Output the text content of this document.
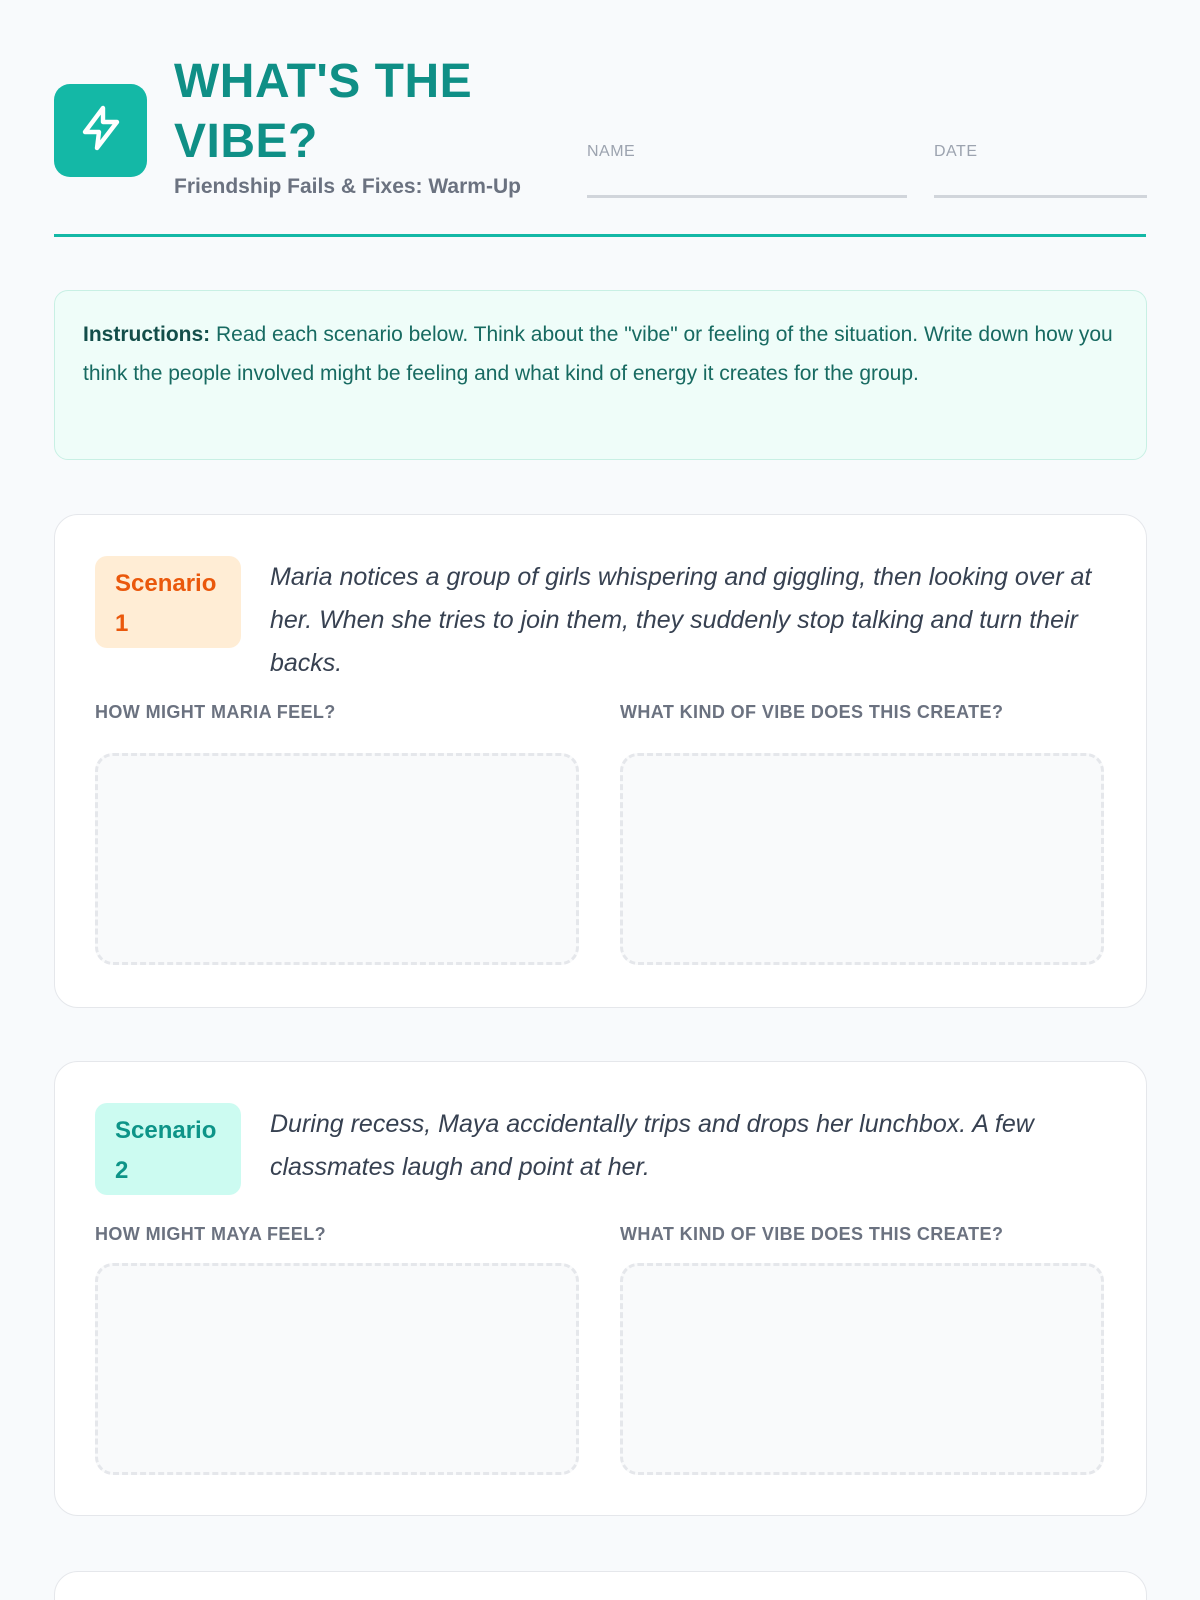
WHAT'S THE VIBE?
Friendship Fails & Fixes: Warm-Up
NAME	DATE
Instructions: Read each scenario below. Think about the "vibe" or feeling of the situation. Write down how you think the people involved might be feeling and what kind of energy it creates for the group.
Scenario 1
Maria notices a group of girls whispering and giggling, then looking over at her. When she tries to join them, they suddenly stop talking and turn their backs.
HOW MIGHT MARIA FEEL?	WHAT KIND OF VIBE DOES THIS CREATE?
Scenario 2
During recess, Maya accidentally trips and drops her lunchbox. A few classmates laugh and point at her.
HOW MIGHT MAYA FEEL?	WHAT KIND OF VIBE DOES THIS CREATE?
